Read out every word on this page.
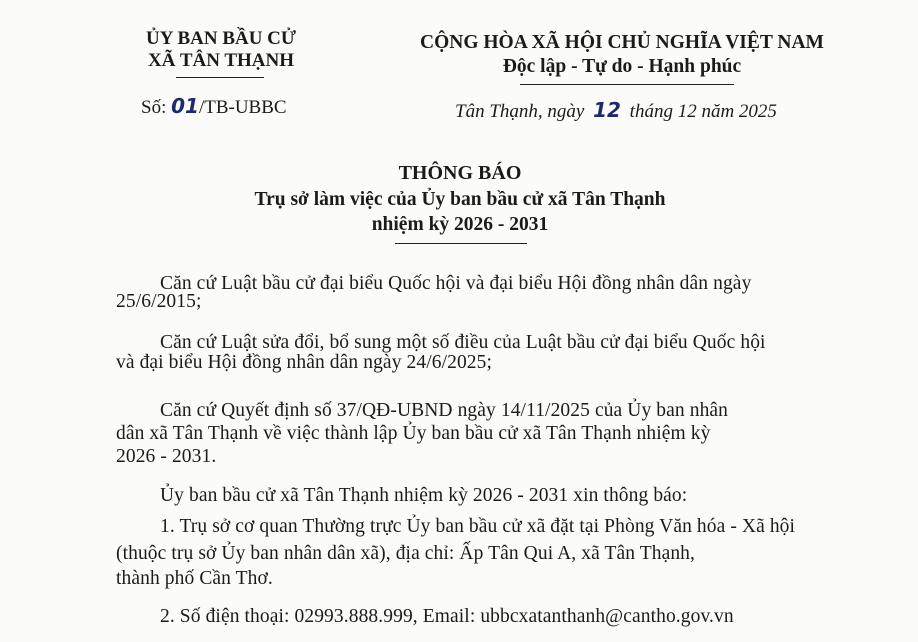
ỦY BAN BẦU CỬ
XÃ TÂN THẠNH
Số: 01/TB-UBBC
CỘNG HÒA XÃ HỘI CHỦ NGHĨA VIỆT NAM
Độc lập - Tự do - Hạnh phúc
Tân Thạnh, ngày 12 tháng 12 năm 2025
THÔNG BÁO
Trụ sở làm việc của Ủy ban bầu cử xã Tân Thạnh
nhiệm kỳ 2026 - 2031
Căn cứ Luật bầu cử đại biểu Quốc hội và đại biểu Hội đồng nhân dân ngày
25/6/2015;
Căn cứ Luật sửa đổi, bổ sung một số điều của Luật bầu cử đại biểu Quốc hội
và đại biểu Hội đồng nhân dân ngày 24/6/2025;
Căn cứ Quyết định số 37/QĐ-UBND ngày 14/11/2025 của Ủy ban nhân
dân xã Tân Thạnh về việc thành lập Ủy ban bầu cử xã Tân Thạnh nhiệm kỳ
2026 - 2031.
Ủy ban bầu cử xã Tân Thạnh nhiệm kỳ 2026 - 2031 xin thông báo:
1. Trụ sở cơ quan Thường trực Ủy ban bầu cử xã đặt tại Phòng Văn hóa - Xã hội
(thuộc trụ sở Ủy ban nhân dân xã), địa chỉ: Ấp Tân Qui A, xã Tân Thạnh,
thành phố Cần Thơ.
2. Số điện thoại: 02993.888.999, Email: ubbcxatanthanh@cantho.gov.vn
